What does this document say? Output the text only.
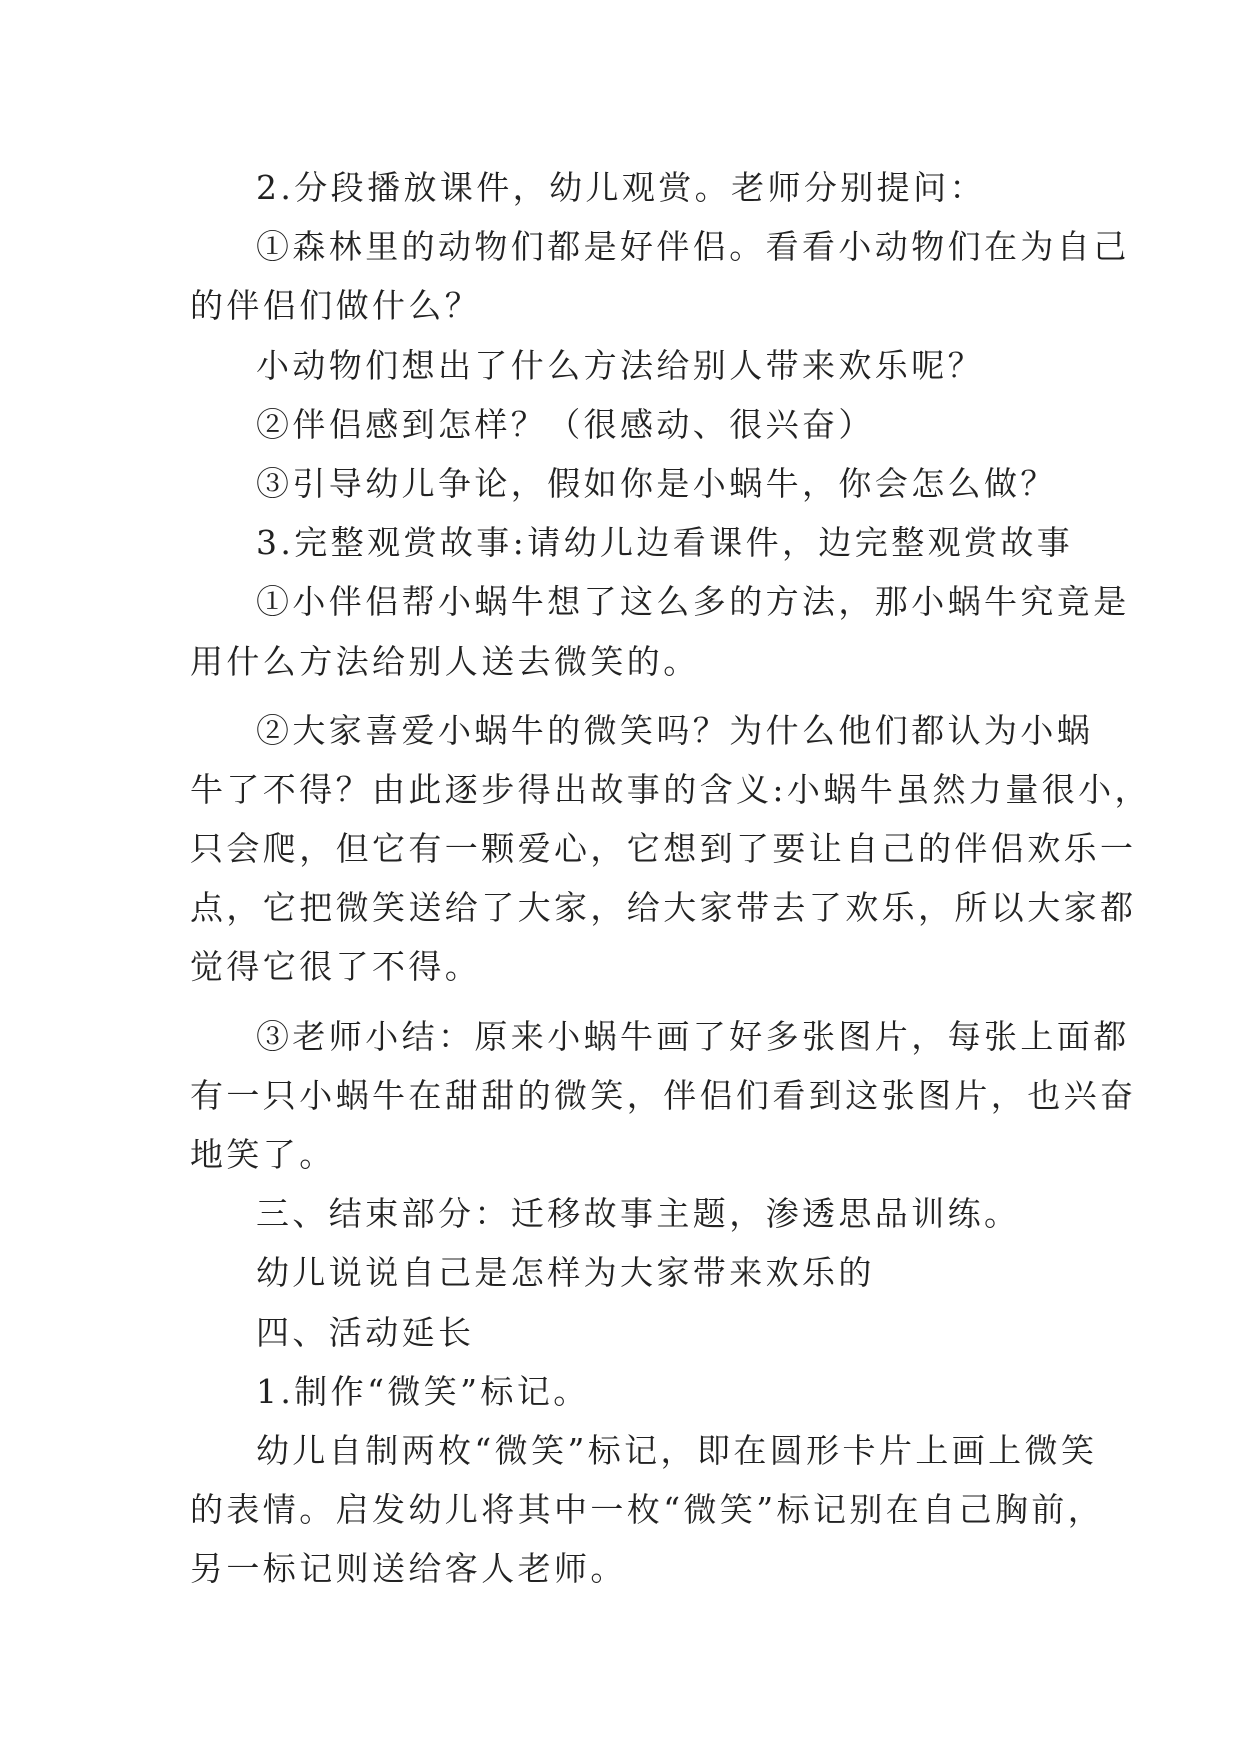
2.分段播放课件，幼儿观赏。老师分别提问：
①森林里的动物们都是好伴侣。看看小动物们在为自己
的伴侣们做什么？
小动物们想出了什么方法给别人带来欢乐呢？
②伴侣感到怎样？（很感动、很兴奋）
③引导幼儿争论，假如你是小蜗牛，你会怎么做？
3.完整观赏故事:请幼儿边看课件，边完整观赏故事
①小伴侣帮小蜗牛想了这么多的方法，那小蜗牛究竟是
用什么方法给别人送去微笑的。
②大家喜爱小蜗牛的微笑吗？为什么他们都认为小蜗
牛了不得？由此逐步得出故事的含义:小蜗牛虽然力量很小，
只会爬，但它有一颗爱心，它想到了要让自己的伴侣欢乐一
点，它把微笑送给了大家，给大家带去了欢乐，所以大家都
觉得它很了不得。
③老师小结：原来小蜗牛画了好多张图片，每张上面都
有一只小蜗牛在甜甜的微笑，伴侣们看到这张图片，也兴奋
地笑了。
三、结束部分：迁移故事主题，渗透思品训练。
幼儿说说自己是怎样为大家带来欢乐的
四、活动延长
1.制作“微笑”标记。
幼儿自制两枚“微笑”标记，即在圆形卡片上画上微笑
的表情。启发幼儿将其中一枚“微笑”标记别在自己胸前，
另一标记则送给客人老师。
